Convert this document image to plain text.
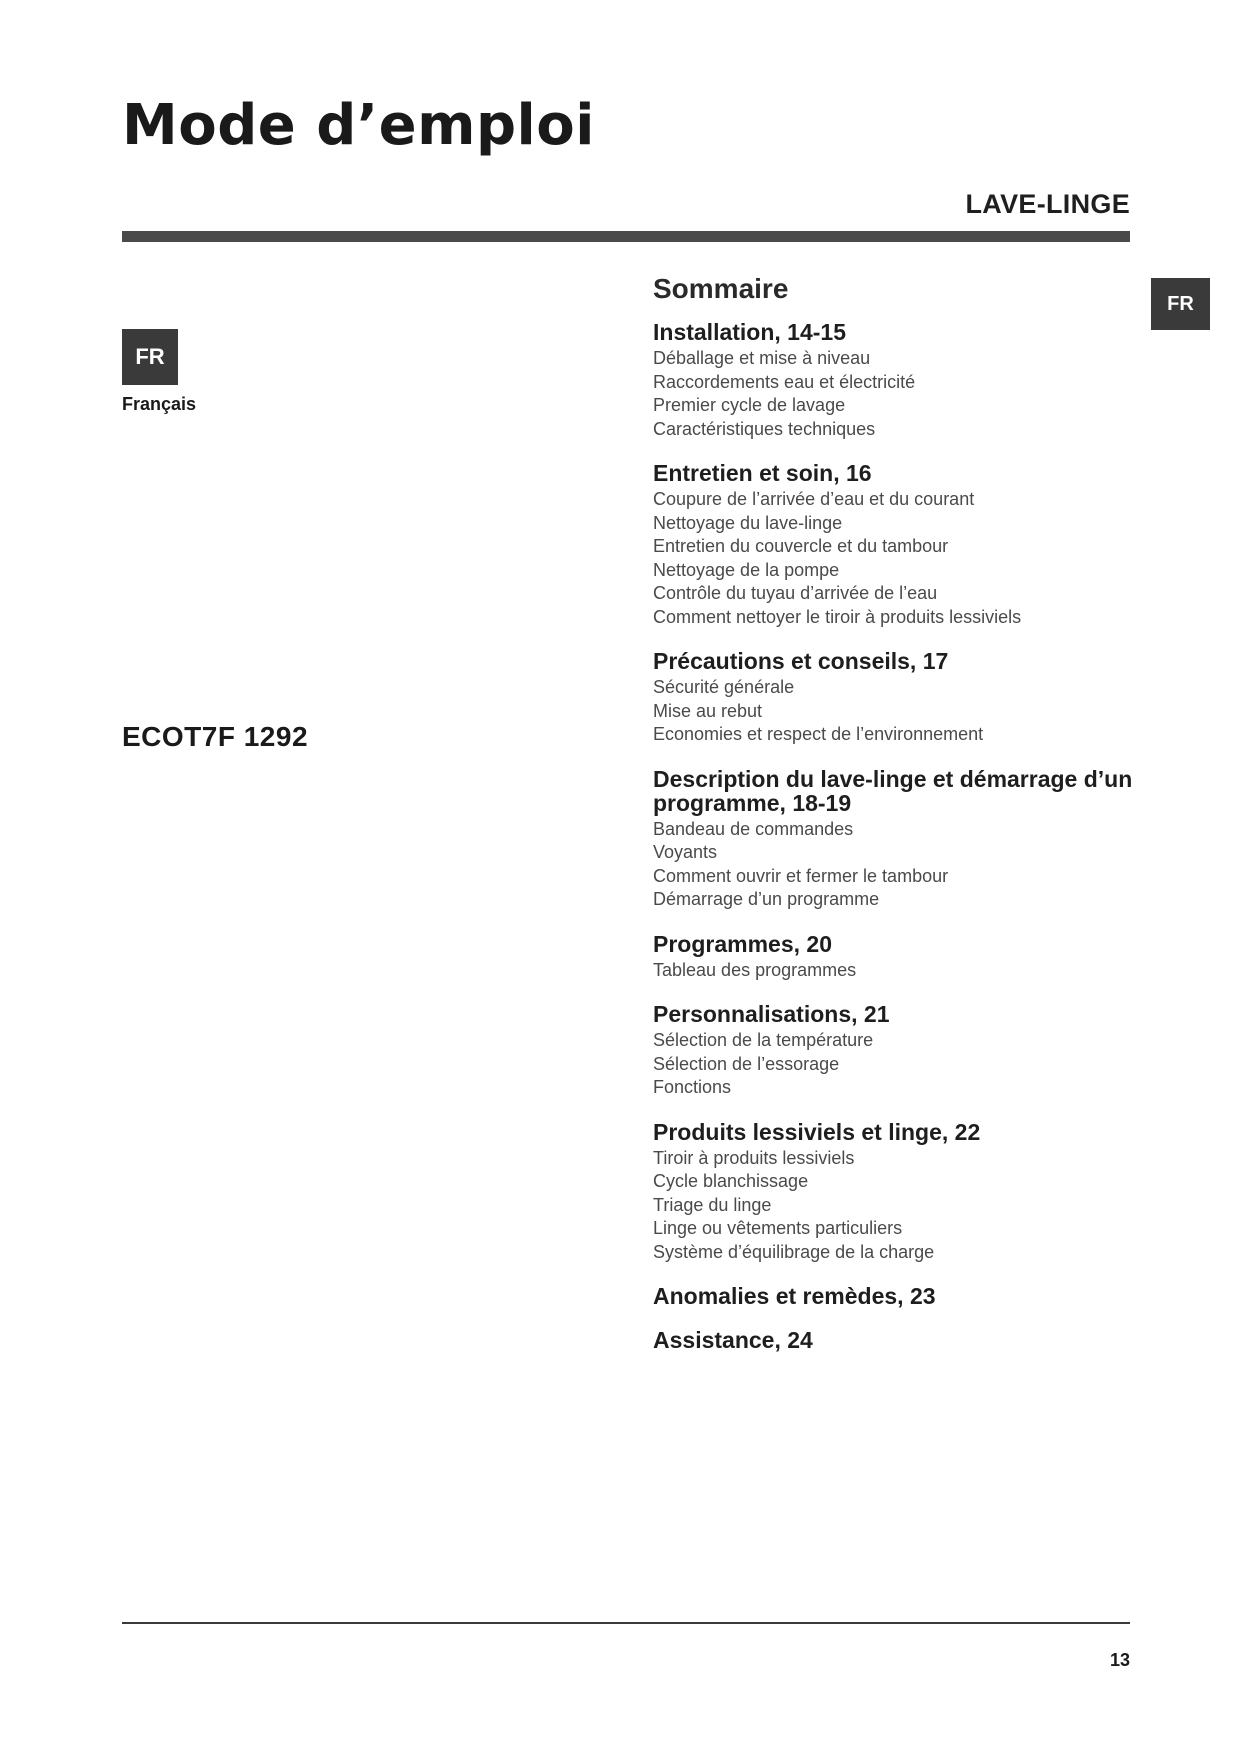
Mode d’emploi
LAVE-LINGE
FR
Français
FR
ECOT7F 1292
Sommaire
Installation, 14-15
Déballage et mise à niveau
Raccordements eau et électricité
Premier cycle de lavage
Caractéristiques techniques
Entretien et soin, 16
Coupure de l’arrivée d’eau et du courant
Nettoyage du lave-linge
Entretien du couvercle et du tambour
Nettoyage de la pompe
Contrôle du tuyau d’arrivée de l’eau
Comment nettoyer le tiroir à produits lessiviels
Précautions et conseils, 17
Sécurité générale
Mise au rebut
Economies et respect de l’environnement
Description du lave-linge et démarrage d’un programme, 18-19
Bandeau de commandes
Voyants
Comment ouvrir et fermer le tambour
Démarrage d’un programme
Programmes, 20
Tableau des programmes
Personnalisations, 21
Sélection de la température
Sélection de l’essorage
Fonctions
Produits lessiviels et linge, 22
Tiroir à produits lessiviels
Cycle blanchissage
Triage du linge
Linge ou vêtements particuliers
Système d’équilibrage de la charge
Anomalies et remèdes, 23
Assistance, 24
13
